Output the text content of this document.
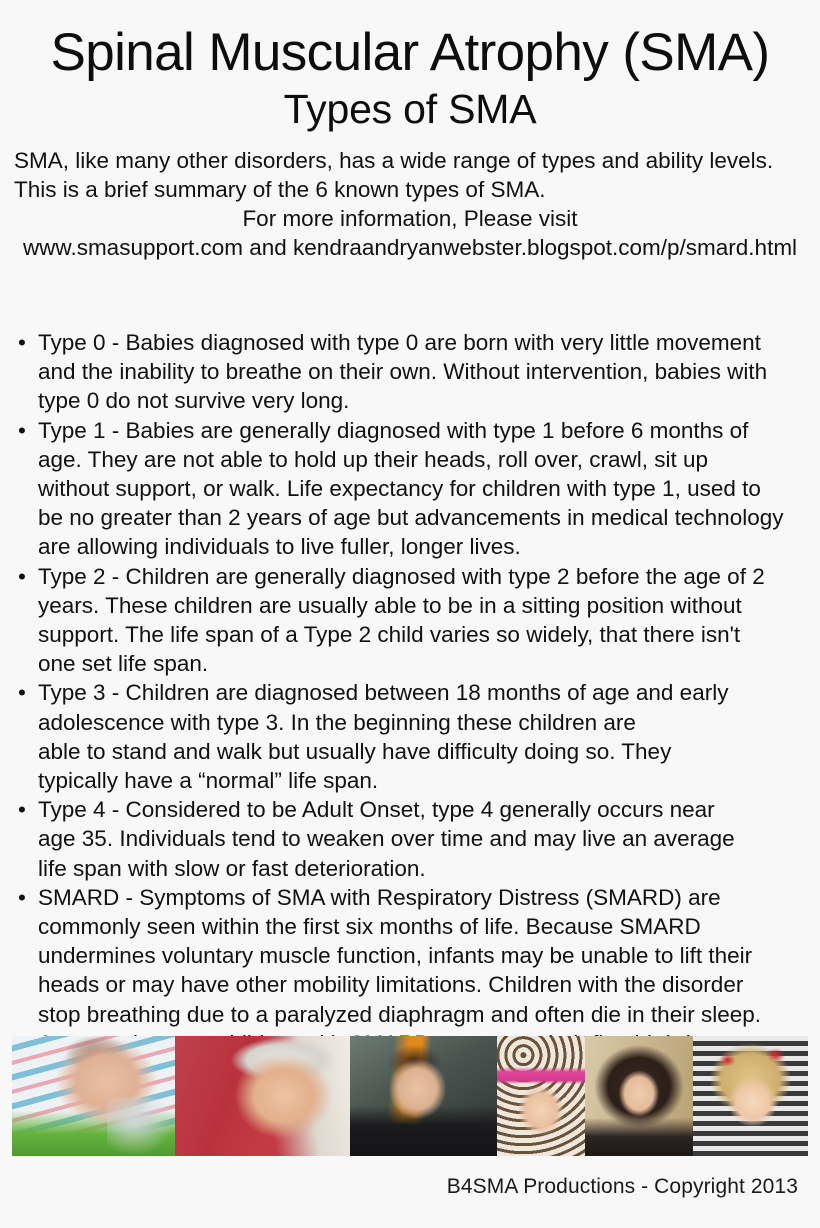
Spinal Muscular Atrophy (SMA)
Types of SMA
SMA, like many other disorders, has a wide range of types and ability levels.
This is a brief summary of the 6 known types of SMA.
For more information, Please visit
www.smasupport.com and kendraandryanwebster.blogspot.com/p/smard.html
• Type 0 - Babies diagnosed with type 0 are born with very little movement
and the inability to breathe on their own. Without intervention, babies with
type 0 do not survive very long.
• Type 1 - Babies are generally diagnosed with type 1 before 6 months of
age. They are not able to hold up their heads, roll over, crawl, sit up
without support, or walk. Life expectancy for children with type 1, used to
be no greater than 2 years of age but advancements in medical technology
are allowing individuals to live fuller, longer lives.
• Type 2 - Children are generally diagnosed with type 2 before the age of 2
years. These children are usually able to be in a sitting position without
support. The life span of a Type 2 child varies so widely, that there isn't
one set life span.
• Type 3 - Children are diagnosed between 18 months of age and early
adolescence with type 3. In the beginning these children are
able to stand and walk but usually have difficulty doing so. They
typically have a “normal” life span.
• Type 4 - Considered to be Adult Onset, type 4 generally occurs near
age 35. Individuals tend to weaken over time and may live an average
life span with slow or fast deterioration.
• SMARD - Symptoms of SMA with Respiratory Distress (SMARD) are
commonly seen within the first six months of life. Because SMARD
undermines voluntary muscle function, infants may be unable to lift their
heads or may have other mobility limitations. Children with the disorder
stop breathing due to a paralyzed diaphragm and often die in their sleep.
B4SMA Productions - Copyright 2013
